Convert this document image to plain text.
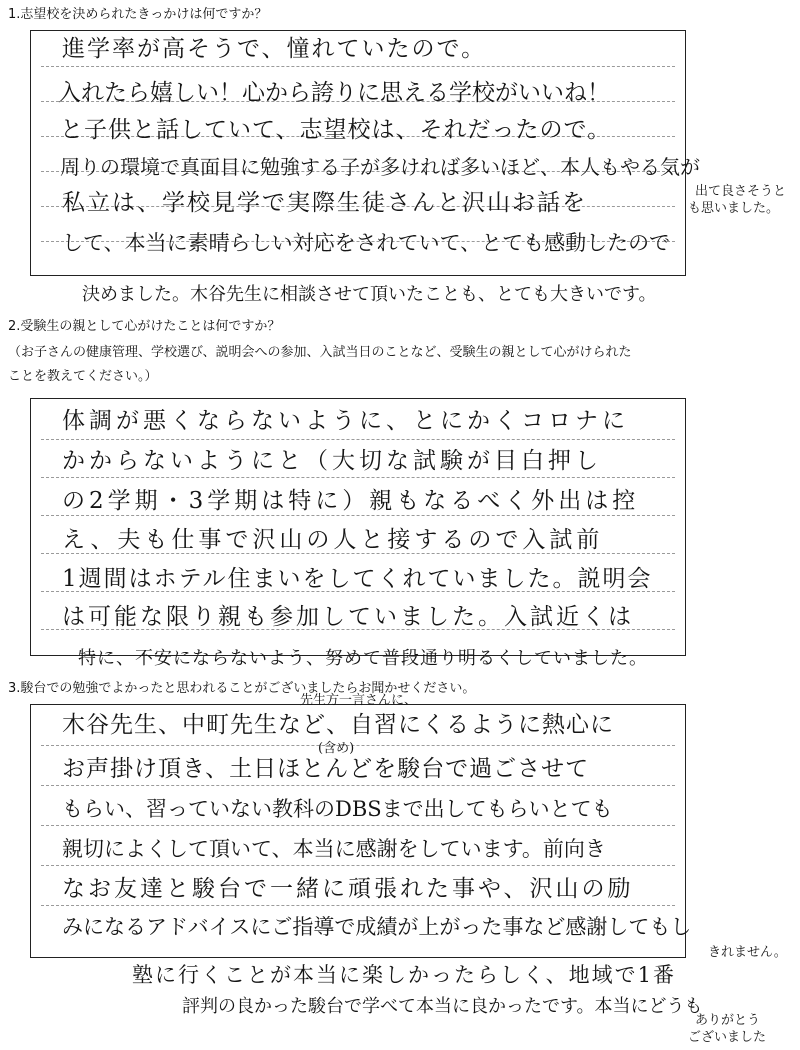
1.志望校を決められたきっかけは何ですか？
進学率が高そうで、憧れていたので。
入れたら嬉しい！心から誇りに思える学校がいいね！
と子供と話していて、志望校は、それだったので。
周りの環境で真面目に勉強する子が多ければ多いほど、本人もやる気が
私立は、学校見学で実際生徒さんと沢山お話を	出て良さそうと
も思いました。
して、本当に素晴らしい対応をされていて、とても感動したので
決めました。木谷先生に相談させて頂いたことも、とても大きいです。
2.受験生の親として心がけたことは何ですか？
（お子さんの健康管理、学校選び、説明会への参加、入試当日のことなど、受験生の親として心がけられた
ことを教えてください。）
体調が悪くならないように、とにかくコロナに
かからないようにと（大切な試験が目白押し
の2学期・3学期は特に）親もなるべく外出は控
え、夫も仕事で沢山の人と接するので入試前
1週間はホテル住まいをしてくれていました。説明会
は可能な限り親も参加していました。入試近くは
特に、不安にならないよう、努めて普段通り明るくしていました。
3.駿台での勉強でよかったと思われることがございましたらお聞かせください。
先生方一言さんに、
木谷先生、中町先生など、自習にくるように熱心に
(含め)
お声掛け頂き、土日ほとんどを駿台で過ごさせて
もらい、習っていない教科のDBSまで出してもらいとても
親切によくして頂いて、本当に感謝をしています。前向き
なお友達と駿台で一緒に頑張れた事や、沢山の励
みになるアドバイスにご指導で成績が上がった事など感謝してもし
きれません。
塾に行くことが本当に楽しかったらしく、地域で1番
評判の良かった駿台で学べて本当に良かったです。本当にどうも
ありがとう
ございました
